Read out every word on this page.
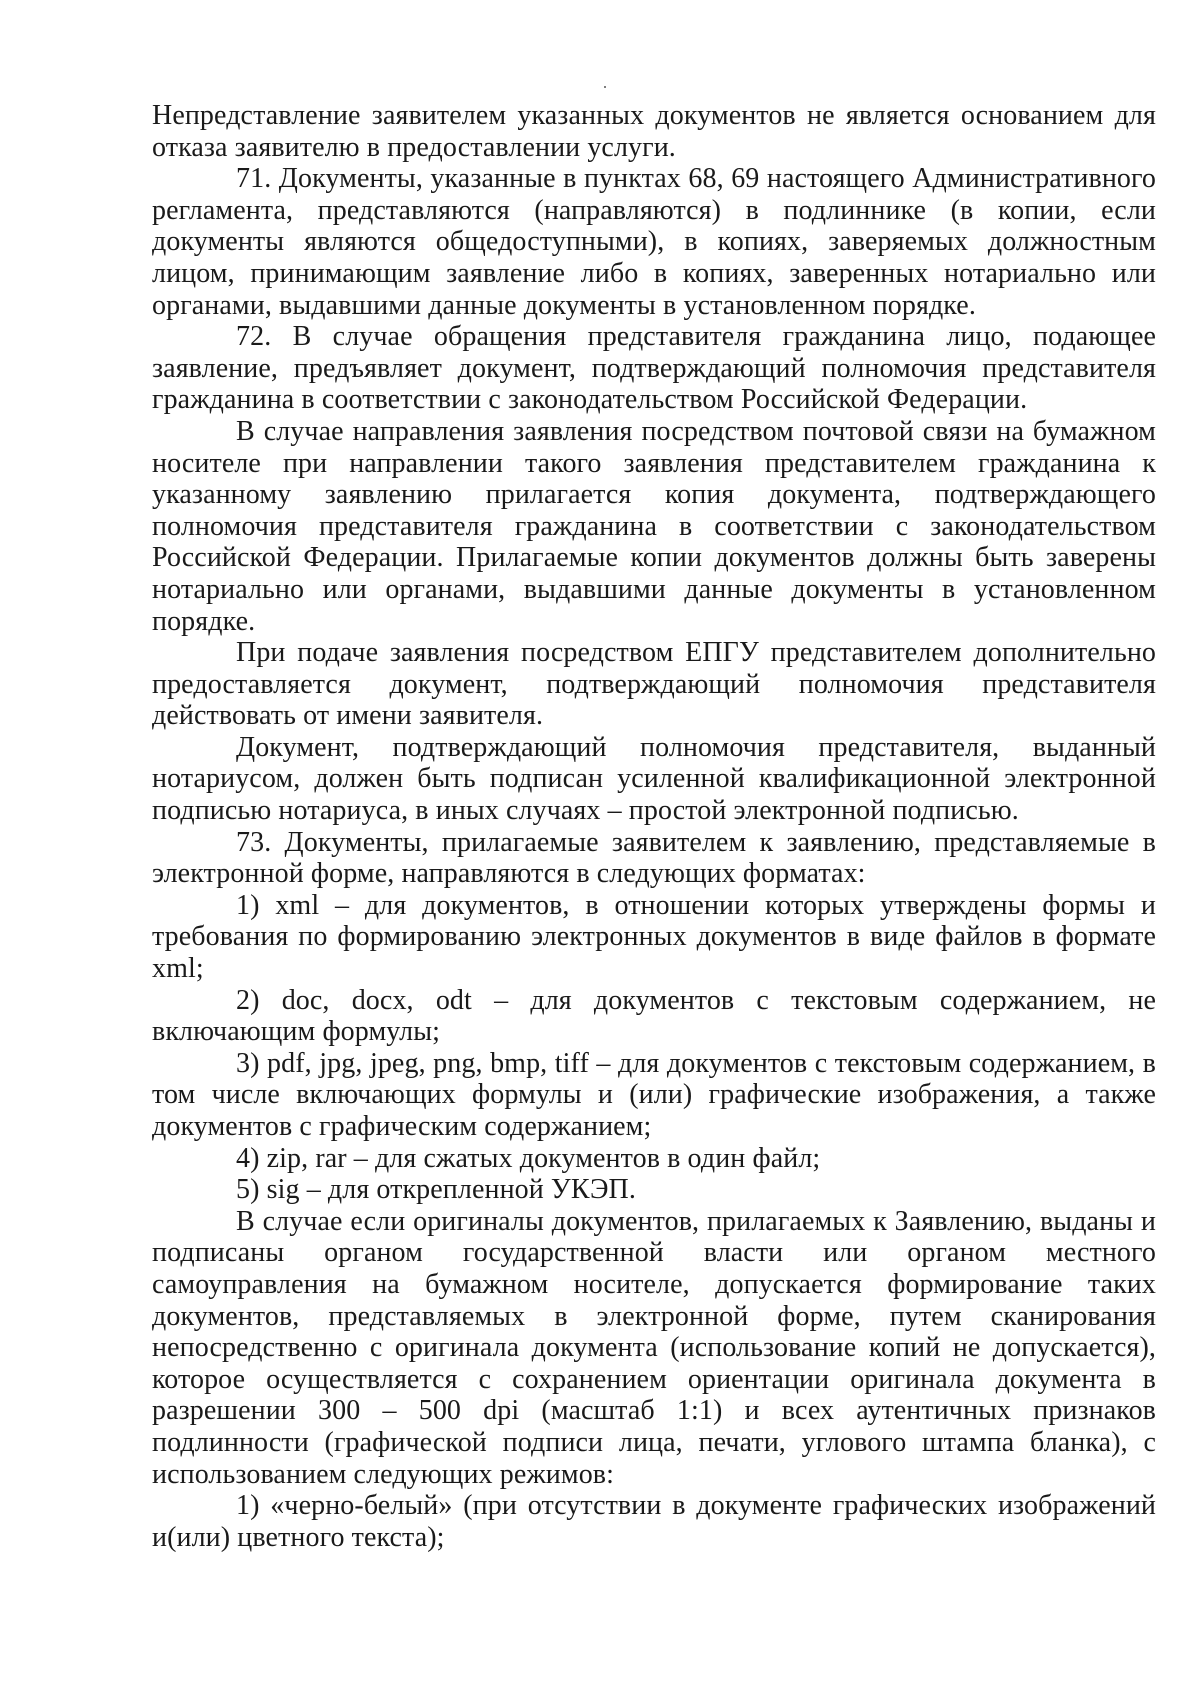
Непредставление заявителем указанных документов не является основанием для отказа заявителю в предоставлении услуги.

71. Документы, указанные в пунктах 68, 69 настоящего Административного регламента, представляются (направляются) в подлиннике (в копии, если документы являются общедоступными), в копиях, заверяемых должностным лицом, принимающим заявление либо в копиях, заверенных нотариально или органами, выдавшими данные документы в установленном порядке.

72. В случае обращения представителя гражданина лицо, подающее заявление, предъявляет документ, подтверждающий полномочия представителя гражданина в соответствии с законодательством Российской Федерации.

В случае направления заявления посредством почтовой связи на бумажном носителе при направлении такого заявления представителем гражданина к указанному заявлению прилагается копия документа, подтверждающего полномочия представителя гражданина в соответствии с законодательством Российской Федерации. Прилагаемые копии документов должны быть заверены нотариально или органами, выдавшими данные документы в установленном порядке.

При подаче заявления посредством ЕПГУ представителем дополнительно предоставляется документ, подтверждающий полномочия представителя действовать от имени заявителя.

Документ, подтверждающий полномочия представителя, выданный нотариусом, должен быть подписан усиленной квалификационной электронной подписью нотариуса, в иных случаях – простой электронной подписью.

73. Документы, прилагаемые заявителем к заявлению, представляемые в электронной форме, направляются в следующих форматах:

1) xml – для документов, в отношении которых утверждены формы и требования по формированию электронных документов в виде файлов в формате xml;

2) doc, docx, odt – для документов с текстовым содержанием, не включающим формулы;

3) pdf, jpg, jpeg, png, bmp, tiff – для документов с текстовым содержанием, в том числе включающих формулы и (или) графические изображения, а также документов с графическим содержанием;

4) zip, rar – для сжатых документов в один файл;

5) sig – для открепленной УКЭП.

В случае если оригиналы документов, прилагаемых к Заявлению, выданы и подписаны органом государственной власти или органом местного самоуправления на бумажном носителе, допускается формирование таких документов, представляемых в электронной форме, путем сканирования непосредственно с оригинала документа (использование копий не допускается), которое осуществляется с сохранением ориентации оригинала документа в разрешении 300 – 500 dpi (масштаб 1:1) и всех аутентичных признаков подлинности (графической подписи лица, печати, углового штампа бланка), с использованием следующих режимов:

1) «черно-белый» (при отсутствии в документе графических изображений и(или) цветного текста);
